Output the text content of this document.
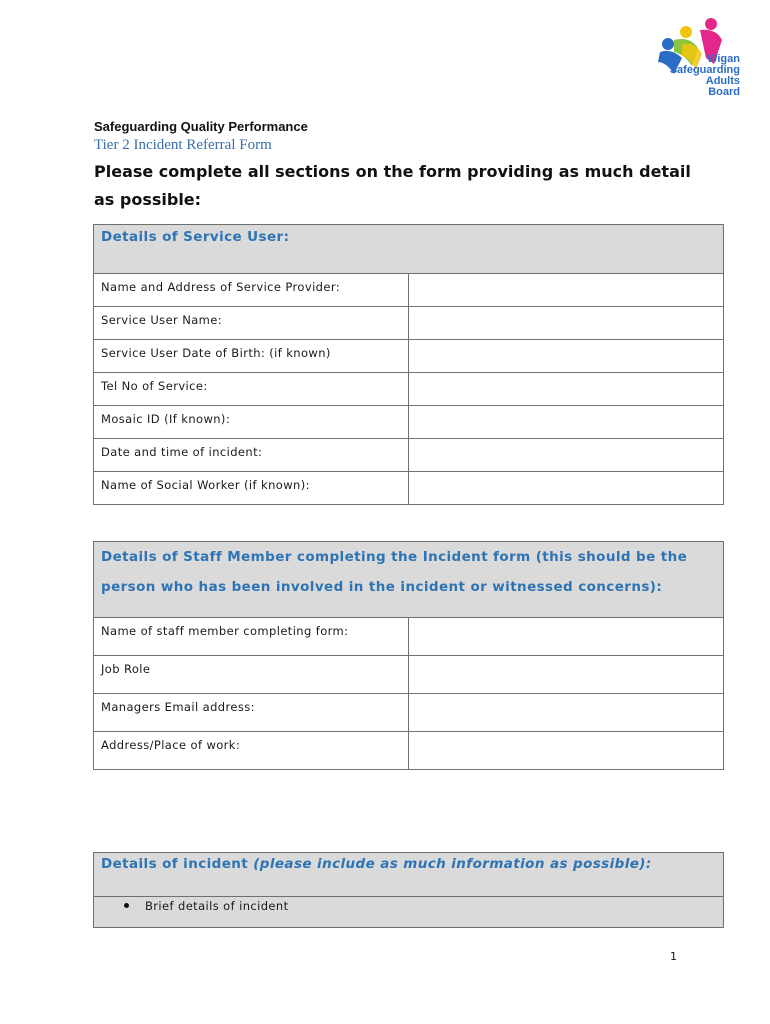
Wigan
Safeguarding
Adults
Board
Safeguarding Quality Performance
Tier 2 Incident Referral Form
Please complete all sections on the form providing as much detail as possible:
Details of Service User:	
Name and Address of Service Provider:	
Service User Name:	
Service User Date of Birth: (if known)	
Tel No of Service:	
Mosaic ID (If known):	
Date and time of incident:	
Name of Social Worker (if known):	
Details of Staff Member completing the Incident form (this should be the person who has been involved in the incident or witnessed concerns):	
Name of staff member completing form:	
Job Role	
Managers Email address:	
Address/Place of work:	
Details of incident (please include as much information as possible):
Brief details of incident
1
